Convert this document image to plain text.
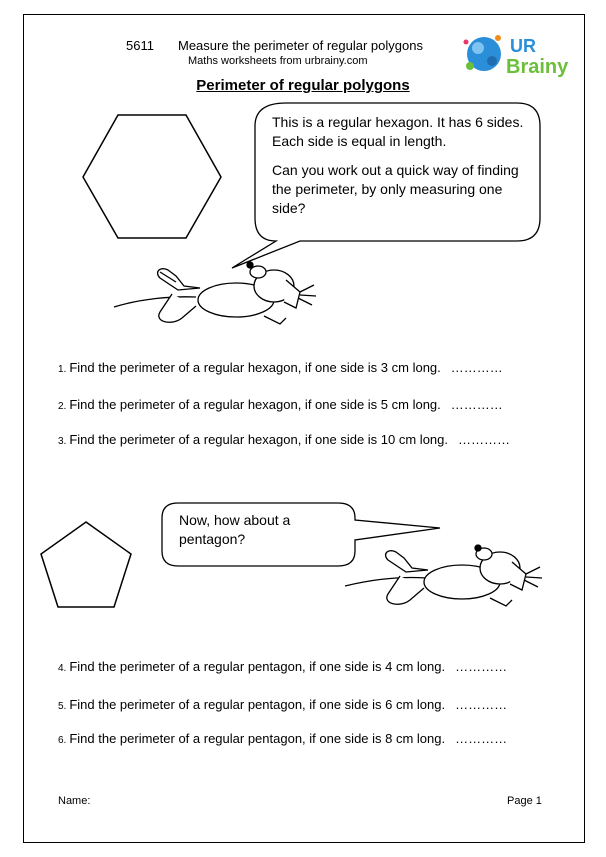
5611 Measure the perimeter of regular polygons
Maths worksheets from urbrainy.com
UR
Brainy
Perimeter of regular polygons

This is a regular hexagon. It has 6 sides. Each side is equal in length.

Can you work out a quick way of finding the perimeter, by only measuring one side?

Now, how about a pentagon?

1. Find the perimeter of a regular hexagon, if one side is 3 cm long. …………
2. Find the perimeter of a regular hexagon, if one side is 5 cm long. …………
3. Find the perimeter of a regular hexagon, if one side is 10 cm long. …………
4. Find the perimeter of a regular pentagon, if one side is 4 cm long. …………
5. Find the perimeter of a regular pentagon, if one side is 6 cm long. …………
6. Find the perimeter of a regular pentagon, if one side is 8 cm long. …………
Name:	Page 1
